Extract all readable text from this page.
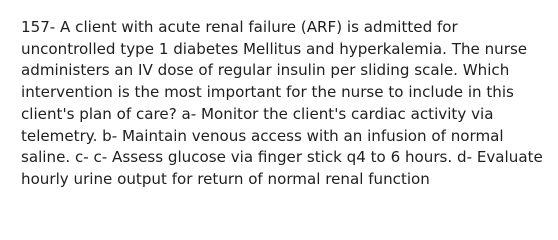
157- A client with acute renal failure (ARF) is admitted for uncontrolled type 1 diabetes Mellitus and hyperkalemia. The nurse administers an IV dose of regular insulin per sliding scale. Which intervention is the most important for the nurse to include in this client's plan of care? a- Monitor the client's cardiac activity via telemetry. b- Maintain venous access with an infusion of normal saline. c- c- Assess glucose via finger stick q4 to 6 hours. d- Evaluate hourly urine output for return of normal renal function
